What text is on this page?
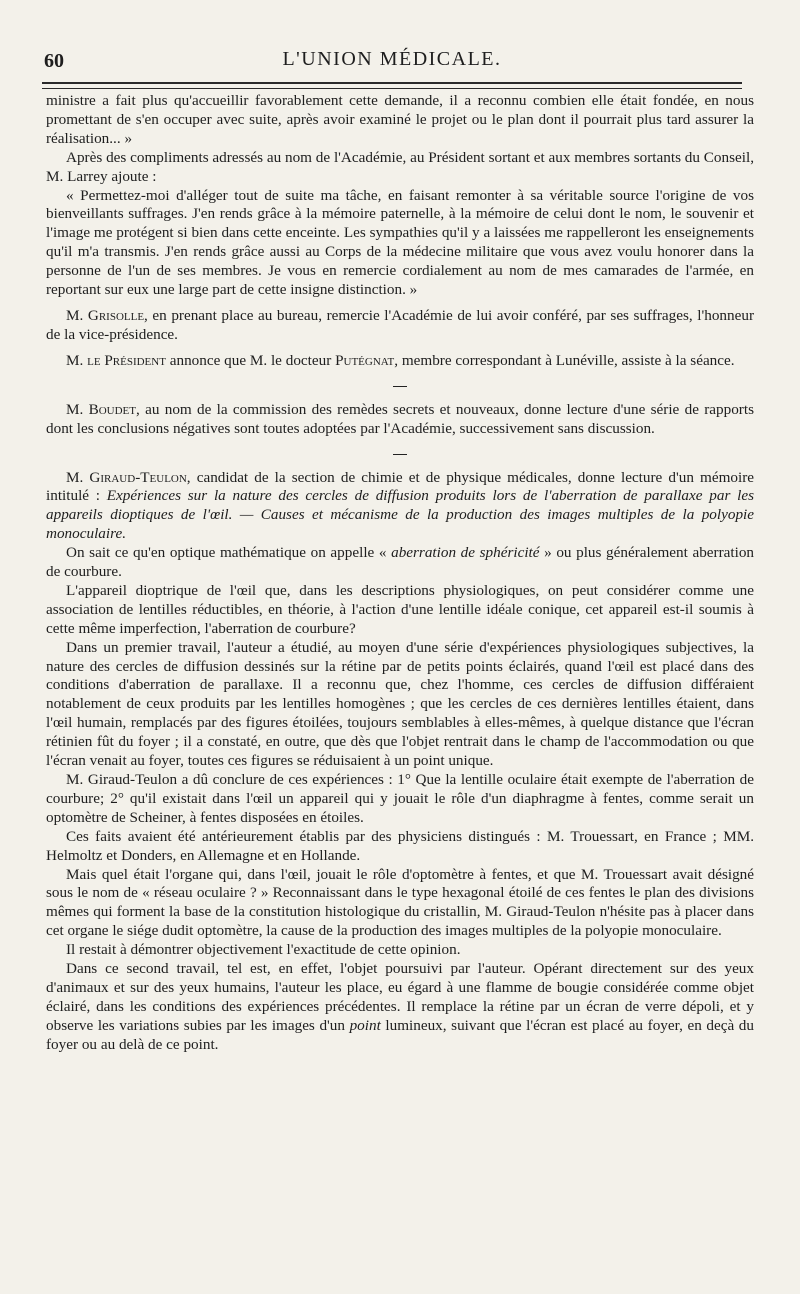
60	L'UNION MÉDICALE.

ministre a fait plus qu'accueillir favorablement cette demande, il a reconnu combien elle était fondée, en nous promettant de s'en occuper avec suite, après avoir examiné le projet ou le plan dont il pourrait plus tard assurer la réalisation... »

Après des compliments adressés au nom de l'Académie, au Président sortant et aux membres sortants du Conseil, M. Larrey ajoute :

« Permettez-moi d'alléger tout de suite ma tâche, en faisant remonter à sa véritable source l'origine de vos bienveillants suffrages. J'en rends grâce à la mémoire paternelle, à la mémoire de celui dont le nom, le souvenir et l'image me protégent si bien dans cette enceinte. Les sympathies qu'il y a laissées me rappelleront les enseignements qu'il m'a transmis. J'en rends grâce aussi au Corps de la médecine militaire que vous avez voulu honorer dans la personne de l'un de ses membres. Je vous en remercie cordialement au nom de mes camarades de l'armée, en reportant sur eux une large part de cette insigne distinction. »

M. Grisolle, en prenant place au bureau, remercie l'Académie de lui avoir conféré, par ses suffrages, l'honneur de la vice-présidence.

M. le Président annonce que M. le docteur Putégnat, membre correspondant à Lunéville, assiste à la séance.

M. Boudet, au nom de la commission des remèdes secrets et nouveaux, donne lecture d'une série de rapports dont les conclusions négatives sont toutes adoptées par l'Académie, successivement sans discussion.

M. Giraud-Teulon, candidat de la section de chimie et de physique médicales, donne lecture d'un mémoire intitulé : Expériences sur la nature des cercles de diffusion produits lors de l'aberration de parallaxe par les appareils dioptiques de l'œil. — Causes et mécanisme de la production des images multiples de la polyopie monoculaire.

On sait ce qu'en optique mathématique on appelle « aberration de sphéricité » ou plus généralement aberration de courbure.

L'appareil dioptrique de l'œil que, dans les descriptions physiologiques, on peut considérer comme une association de lentilles réductibles, en théorie, à l'action d'une lentille idéale conique, cet appareil est-il soumis à cette même imperfection, l'aberration de courbure?

Dans un premier travail, l'auteur a étudié, au moyen d'une série d'expériences physiologiques subjectives, la nature des cercles de diffusion dessinés sur la rétine par de petits points éclairés, quand l'œil est placé dans des conditions d'aberration de parallaxe. Il a reconnu que, chez l'homme, ces cercles de diffusion différaient notablement de ceux produits par les lentilles homogènes ; que les cercles de ces dernières lentilles étaient, dans l'œil humain, remplacés par des figures étoilées, toujours semblables à elles-mêmes, à quelque distance que l'écran rétinien fût du foyer ; il a constaté, en outre, que dès que l'objet rentrait dans le champ de l'accommodation ou que l'écran venait au foyer, toutes ces figures se réduisaient à un point unique.

M. Giraud-Teulon a dû conclure de ces expériences : 1° Que la lentille oculaire était exempte de l'aberration de courbure; 2° qu'il existait dans l'œil un appareil qui y jouait le rôle d'un diaphragme à fentes, comme serait un optomètre de Scheiner, à fentes disposées en étoiles.

Ces faits avaient été antérieurement établis par des physiciens distingués : M. Trouessart, en France ; MM. Helmoltz et Donders, en Allemagne et en Hollande.

Mais quel était l'organe qui, dans l'œil, jouait le rôle d'optomètre à fentes, et que M. Trouessart avait désigné sous le nom de « réseau oculaire ? » Reconnaissant dans le type hexagonal étoilé de ces fentes le plan des divisions mêmes qui forment la base de la constitution histologique du cristallin, M. Giraud-Teulon n'hésite pas à placer dans cet organe le siége dudit optomètre, la cause de la production des images multiples de la polyopie monoculaire.

Il restait à démontrer objectivement l'exactitude de cette opinion.

Dans ce second travail, tel est, en effet, l'objet poursuivi par l'auteur. Opérant directement sur des yeux d'animaux et sur des yeux humains, l'auteur les place, eu égard à une flamme de bougie considérée comme objet éclairé, dans les conditions des expériences précédentes. Il remplace la rétine par un écran de verre dépoli, et y observe les variations subies par les images d'un point lumineux, suivant que l'écran est placé au foyer, en deçà du foyer ou au delà de ce point.
